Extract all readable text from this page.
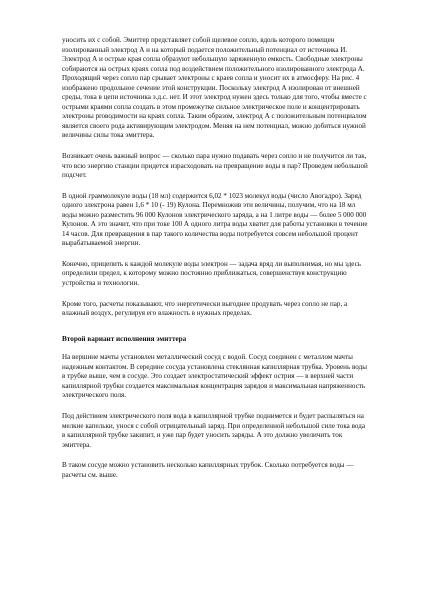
уносить их с собой. Эмиттер представляет собой щелевое сопло, вдоль которого помещен изолированный электрод А и на который подается положительный потенциал от источника И. Электрод А и острые края сопла образуют небольшую заряженную емкость. Свободные электроны собираются на острых краях сопла под воздействием положительного изолированного электрода А. Проходящий через сопло пар срывает электроны с краев сопла и уносит их в атмосферу. На рис. 4 изображено продольное сечение этой конструкции. Поскольку электрод А изолирован от внешней среды, тока в цепи источника э.д.с. нет. И этот электрод нужен здесь только для того, чтобы вместе с острыми краями сопла создать в этом промежутке сильное электрическое поле и концентрировать электроны proводимости на краях сопла. Таким образом, электрод А с положительным потенциалом является своего рода активирующим электродом. Меняя на нем потенциал, можно добиться нужной величины силы тока эмиттера.

Возникает очень важный вопрос — сколько пара нужно подавать через сопло и не получится ли так, что всю энергию станции придется израсходовать на превращение воды в пар? Проведем небольшой подсчет.

В одной граммолекуле воды (18 мл) содержится 6,02 * 1023 молекул воды (число Авогадро). Заряд одного электрона равен 1,6 * 10 (- 19) Кулона. Перемножив эти величины, получим, что на 18 мл воды можно разместить 96 000 Кулонов электрического заряда, а на 1 литре воды — более 5 000 000 Кулонов. А это значит, что при токе 100 А одного литра воды хватит для работы установки в течение 14 часов. Для превращения в пар такого количества воды потребуется совсем небольшой процент вырабатываемой энергии.

Конечно, прицепить к каждой молекуле воды электрон — задача вряд ли выполнимая, но мы здесь определили предел, к которому можно постоянно приближаться, совершенствуя конструкцию устройства и технологии.

Кроме того, расчеты показывают, что энергетически выгоднее продувать через сопло не пар, а влажный воздух, регулируя его влажность в нужных пределах.

Второй вариант исполнения эмиттера

На вершине мачты установлен металлический сосуд с водой. Сосуд соединен с металлом мачты надежным контактом. В середине сосуда установлена стеклянная капиллярная трубка. Уровень воды в трубке выше, чем в сосуде. Это создает электростатический эффект острия — в верхней части капиллярной трубки создается максимальная концентрация зарядов и максимальная напряженность электрического поля.

Под действием электрического поля вода в капиллярной трубке поднимется и будет распыляться на мелкие капельки, унося с собой отрицательный заряд. При определенной небольшой силе тока вода в капиллярной трубке закипит, и уже пар будет уносить заряды. А это должно увеличить ток эмиттера.

В таком сосуде можно установить несколько капиллярных трубок. Сколько потребуется воды — расчеты см. выше.
